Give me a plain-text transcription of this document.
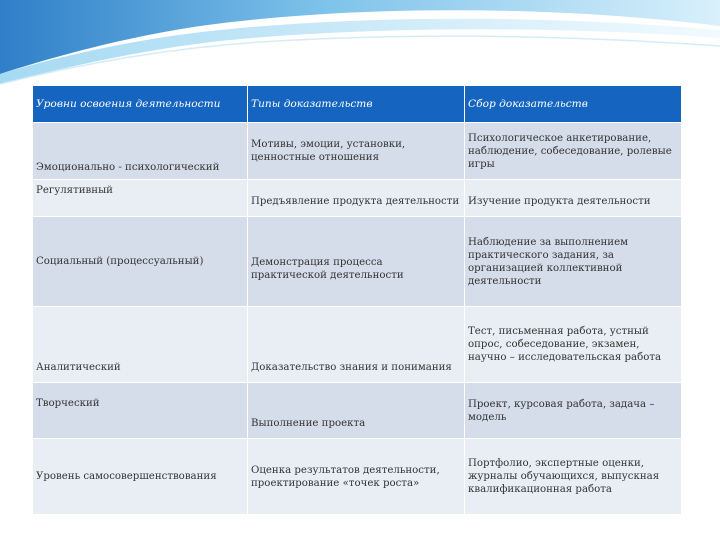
Уровни освоения деятельности	Типы доказательств	Сбор доказательств
Эмоционально - психологический	Мотивы, эмоции, установки, ценностные отношения	Психологическое анкетирование, наблюдение, собеседование, ролевые игры
Регулятивный	Предъявление продукта деятельности	Изучение продукта деятельности
Социальный (процессуальный)	Демонстрация процесса практической деятельности	Наблюдение за выполнением практического задания, за организацией коллективной деятельности
Аналитический	Доказательство знания и понимания	Тест, письменная работа, устный опрос, собеседование, экзамен, научно – исследовательская работа
Творческий	Выполнение проекта	Проект, курсовая работа, задача – модель
Уровень самосовершенствования	Оценка результатов деятельности, проектирование «точек роста»	Портфолио, экспертные оценки, журналы обучающихся, выпускная квалификационная работа
